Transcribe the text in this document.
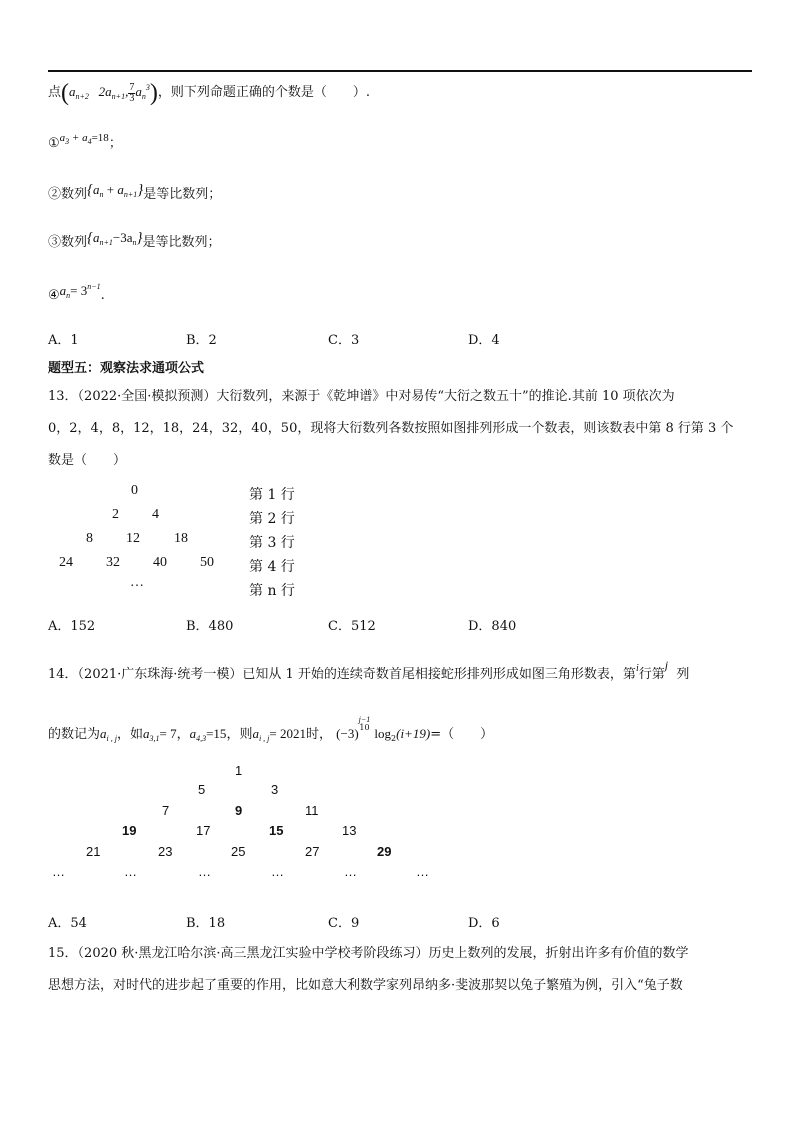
点($a_{n+2}$ $2a_{n+1}$, $\frac{7}{3} a_n^3$)，则下列命题正确的个数是（　　）.
①$^{a_3 + a_4=18}$；
②数列$\{a_n + a_{n+1}\}$是等比数列；
③数列$\{a_{n+1}-3a_n\}$是等比数列；
$④a_n= 3^{n-1}$.
A．1	B．2	C．3	D．4
题型五：观察法求通项公式
13．（2022·全国·模拟预测）大衍数列，来源于《乾坤谱》中对易传“大衍之数五十”的推论.其前 10 项依次为
0，2，4，8，12，18，24，32，40，50，现将大衍数列各数按照如图排列形成一个数表，则该数表中第 8 行第 3 个
数是（　　）
0
2 4
8 12 18
24 32 40 50
…
第 1 行
第 2 行
第 3 行
第 4 行
第 n 行
A．152	B．480	C．512	D．840
14．（2021·广东珠海·统考一模）已知从 1 开始的连续奇数首尾相接蛇形排列形成如图三角形数表，第$^i$行第j  列
的数记为$a_{i , j}$，如$a_{3,1}= 7$，$a_{4,3}=15$，则$a_{i , j}= 2021$时， (−3)
j−1
10 $\log_2(i+19)=$（　　）
1
5	3
7	9	11
19	17	15	13
21	23	25	27	29
…	…	…	…	…	…
A．54	B．18	C．9	D．6
15．（2020 秋·黑龙江哈尔滨·高三黑龙江实验中学校考阶段练习）历史上数列的发展，折射出许多有价值的数学
思想方法，对时代的进步起了重要的作用，比如意大利数学家列昂纳多·斐波那契以兔子繁殖为例，引入“兔子数
